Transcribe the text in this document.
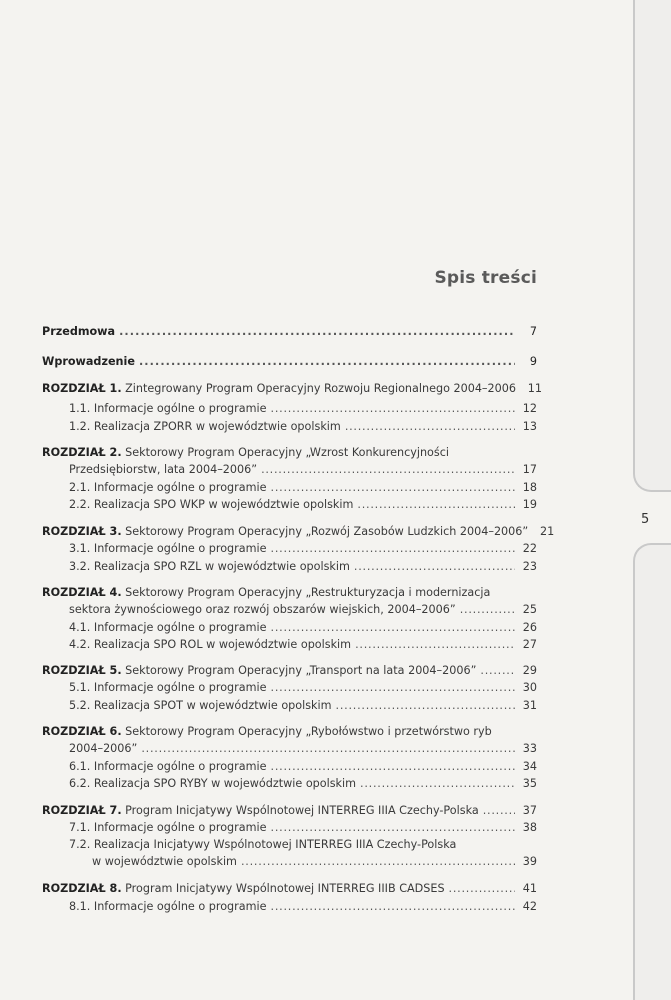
5
Spis treści
Przedmowa . . .	7
Wprowadzenie . . .	9
ROZDZIAŁ 1. Zintegrowany Program Operacyjny Rozwoju Regionalnego 2004–2006	11
1.1. Informacje ogólne o programie . . .	12
1.2. Realizacja ZPORR w województwie opolskim . . .	13
ROZDZIAŁ 2. Sektorowy Program Operacyjny „Wzrost Konkurencyjności
Przedsiębiorstw, lata 2004–2006” . . .	17
2.1. Informacje ogólne o programie . . .	18
2.2. Realizacja SPO WKP w województwie opolskim . . .	19
ROZDZIAŁ 3. Sektorowy Program Operacyjny „Rozwój Zasobów Ludzkich 2004–2006”	21
3.1. Informacje ogólne o programie . . .	22
3.2. Realizacja SPO RZL w województwie opolskim . . .	23
ROZDZIAŁ 4. Sektorowy Program Operacyjny „Restrukturyzacja i modernizacja
sektora żywnościowego oraz rozwój obszarów wiejskich, 2004–2006” . . .	25
4.1. Informacje ogólne o programie . . .	26
4.2. Realizacja SPO ROL w województwie opolskim . . .	27
ROZDZIAŁ 5. Sektorowy Program Operacyjny „Transport na lata 2004–2006” . . .	29
5.1. Informacje ogólne o programie . . .	30
5.2. Realizacja SPOT w województwie opolskim . . .	31
ROZDZIAŁ 6. Sektorowy Program Operacyjny „Rybołówstwo i przetwórstwo ryb
2004–2006” . . .	33
6.1. Informacje ogólne o programie . . .	34
6.2. Realizacja SPO RYBY w województwie opolskim . . .	35
ROZDZIAŁ 7. Program Inicjatywy Wspólnotowej INTERREG IIIA Czechy-Polska . . .	37
7.1. Informacje ogólne o programie . . .	38
7.2. Realizacja Inicjatywy Wspólnotowej INTERREG IIIA Czechy-Polska
w województwie opolskim . . .	39
ROZDZIAŁ 8. Program Inicjatywy Wspólnotowej INTERREG IIIB CADSES . . .	41
8.1. Informacje ogólne o programie . . .	42
